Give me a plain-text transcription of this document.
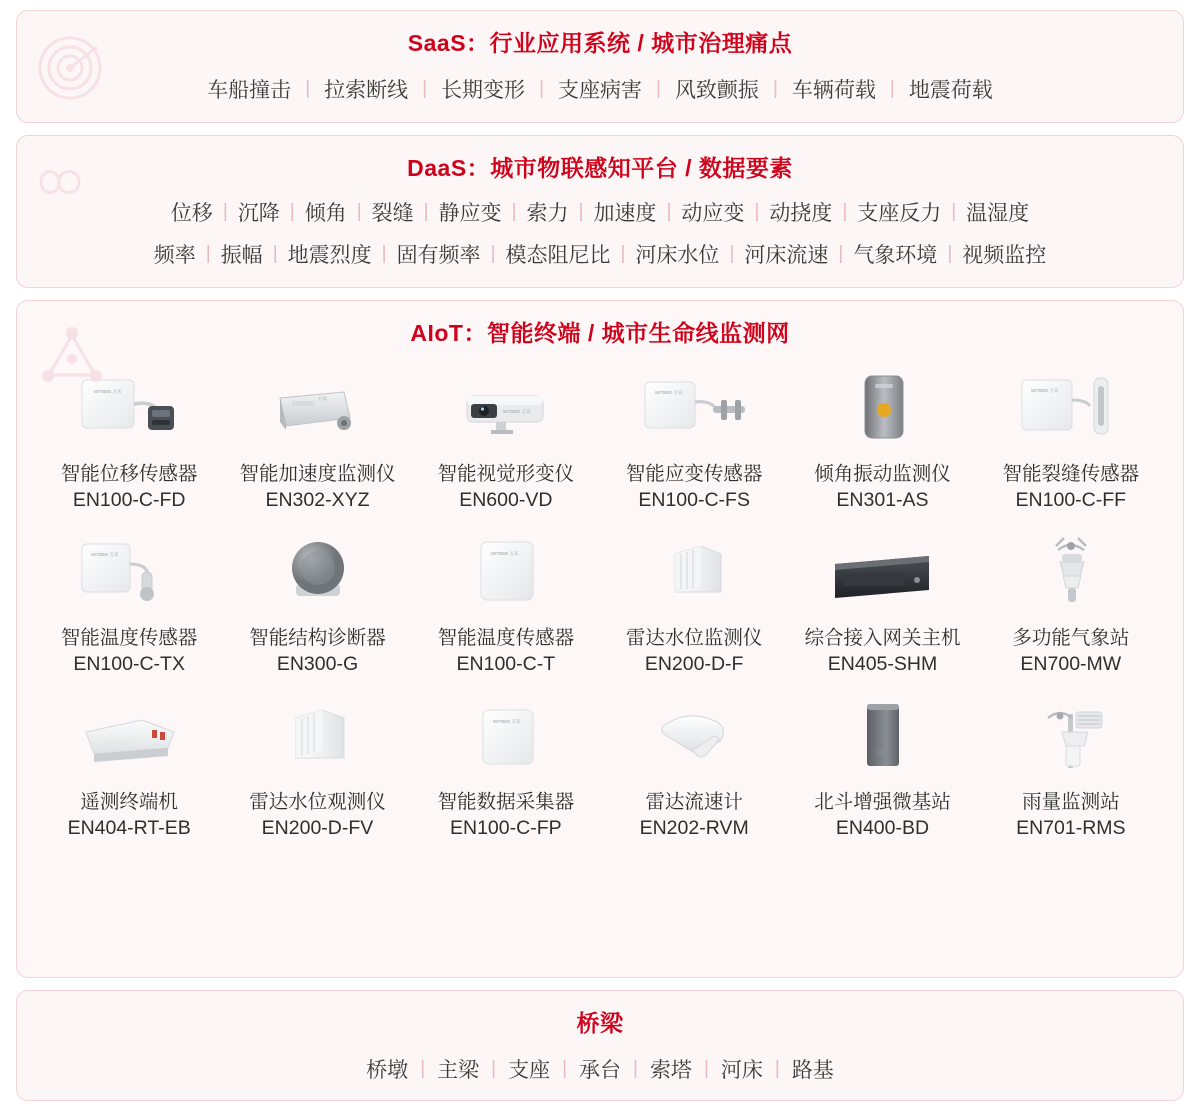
SaaS：行业应用系统 / 城市治理痛点
车船撞击 | 拉索断线 | 长期变形 | 支座病害 | 风致颤振 | 车辆荷载 | 地震荷载
DaaS：城市物联感知平台 / 数据要素
位移 | 沉降 | 倾角 | 裂缝 | 静应变 | 索力 | 加速度 | 动应变 | 动挠度 | 支座反力 | 温湿度
频率 | 振幅 | 地震烈度 | 固有频率 | 模态阻尼比 | 河床水位 | 河床流速 | 气象环境 | 视频监控
AIoT：智能终端 / 城市生命线监测网
WITBEE 万宾
智能位移传感器
EN100-C-FD
万宾
智能加速度监测仪
EN302-XYZ
WITBEE 万宾
智能视觉形变仪
EN600-VD
WITBEE 万宾
智能应变传感器
EN100-C-FS
倾角振动监测仪
EN301-AS
WITBEE 万宾
智能裂缝传感器
EN100-C-FF
WITBEE 万宾
智能温度传感器
EN100-C-TX
智能结构诊断器
EN300-G
WITBEE 万宾
智能温度传感器
EN100-C-T
雷达水位监测仪
EN200-D-F
综合接入网关主机
EN405-SHM
多功能气象站
EN700-MW
遥测终端机
EN404-RT-EB
雷达水位观测仪
EN200-D-FV
WITBEE 万宾
智能数据采集器
EN100-C-FP
雷达流速计
EN202-RVM
万宾
北斗增强微基站
EN400-BD
雨量监测站
EN701-RMS
桥梁
桥墩 | 主梁 | 支座 | 承台 | 索塔 | 河床 | 路基
